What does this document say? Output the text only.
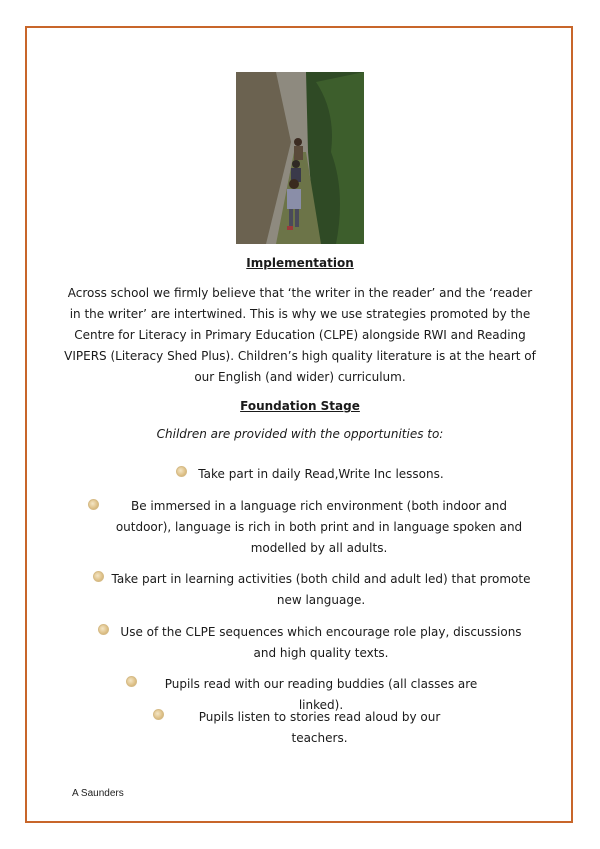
Implementation
Across school we firmly believe that ‘the writer in the reader’ and the ‘reader in the writer’ are intertwined. This is why we use strategies promoted by the Centre for Literacy in Primary Education (CLPE) alongside RWI and Reading VIPERS (Literacy Shed Plus). Children’s high quality literature is at the heart of our English (and wider) curriculum.
Foundation Stage
Children are provided with the opportunities to:
Take part in daily Read,Write Inc lessons.
Be immersed in a language rich environment (both indoor and outdoor), language is rich in both print and in language spoken and modelled by all adults.
Take part in learning activities (both child and adult led) that promote new language.
Use of the CLPE sequences which encourage role play, discussions and high quality texts.
Pupils read with our reading buddies (all classes are linked).
Pupils listen to stories read aloud by our teachers.
A Saunders
